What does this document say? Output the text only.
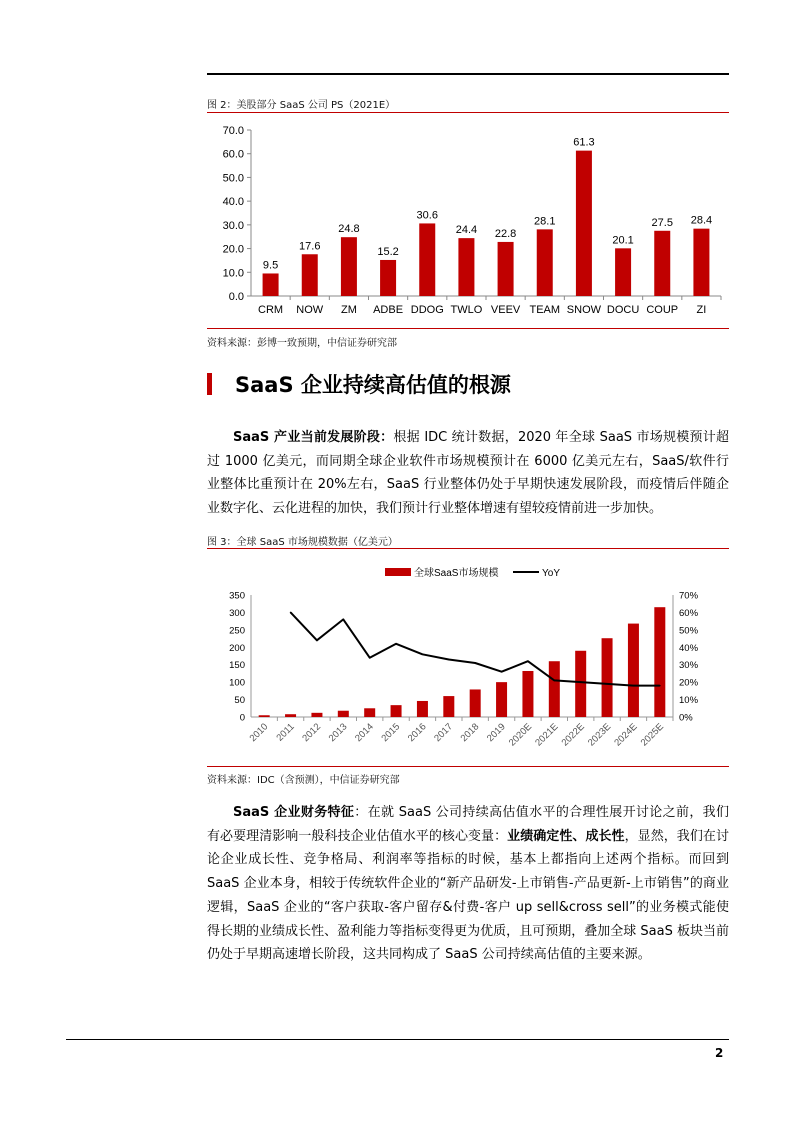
图 2：美股部分 SaaS 公司 PS（2021E）
0.0
10.0
20.0
30.0
40.0
50.0
60.0
70.0
9.5
CRM
17.6
NOW
24.8
ZM
15.2
ADBE
30.6
DDOG
24.4
TWLO
22.8
VEEV
28.1
TEAM
61.3
SNOW
20.1
DOCU
27.5
COUP
28.4
ZI
资料来源：彭博一致预期，中信证券研究部
SaaS 企业持续高估值的根源

SaaS 产业当前发展阶段：根据 IDC 统计数据，2020 年全球 SaaS 市场规模预计超过 1000 亿美元，而同期全球企业软件市场规模预计在 6000 亿美元左右，SaaS/软件行业整体比重预计在 20%左右，SaaS 行业整体仍处于早期快速发展阶段，而疫情后伴随企业数字化、云化进程的加快，我们预计行业整体增速有望较疫情前进一步加快。

图 3：全球 SaaS 市场规模数据（亿美元）
全球SaaS市场规模	YoY
0
50
100
150
200
250
300
350
0%
10%
20%
30%
40%
50%
60%
70%
2010 2011 2012 2013 2014 2015 2016 2017 2018 2019 2020E 2021E 2022E 2023E 2024E 2025E
资料来源：IDC（含预测），中信证券研究部

SaaS 企业财务特征：在就 SaaS 公司持续高估值水平的合理性展开讨论之前，我们有必要理清影响一般科技企业估值水平的核心变量：业绩确定性、成长性，显然，我们在讨论企业成长性、竞争格局、利润率等指标的时候，基本上都指向上述两个指标。而回到 SaaS 企业本身，相较于传统软件企业的“新产品研发-上市销售-产品更新-上市销售”的商业逻辑，SaaS 企业的“客户获取-客户留存&付费-客户 up sell&cross sell”的业务模式能使得长期的业绩成长性、盈利能力等指标变得更为优质，且可预期，叠加全球 SaaS 板块当前仍处于早期高速增长阶段，这共同构成了 SaaS 公司持续高估值的主要来源。

2
